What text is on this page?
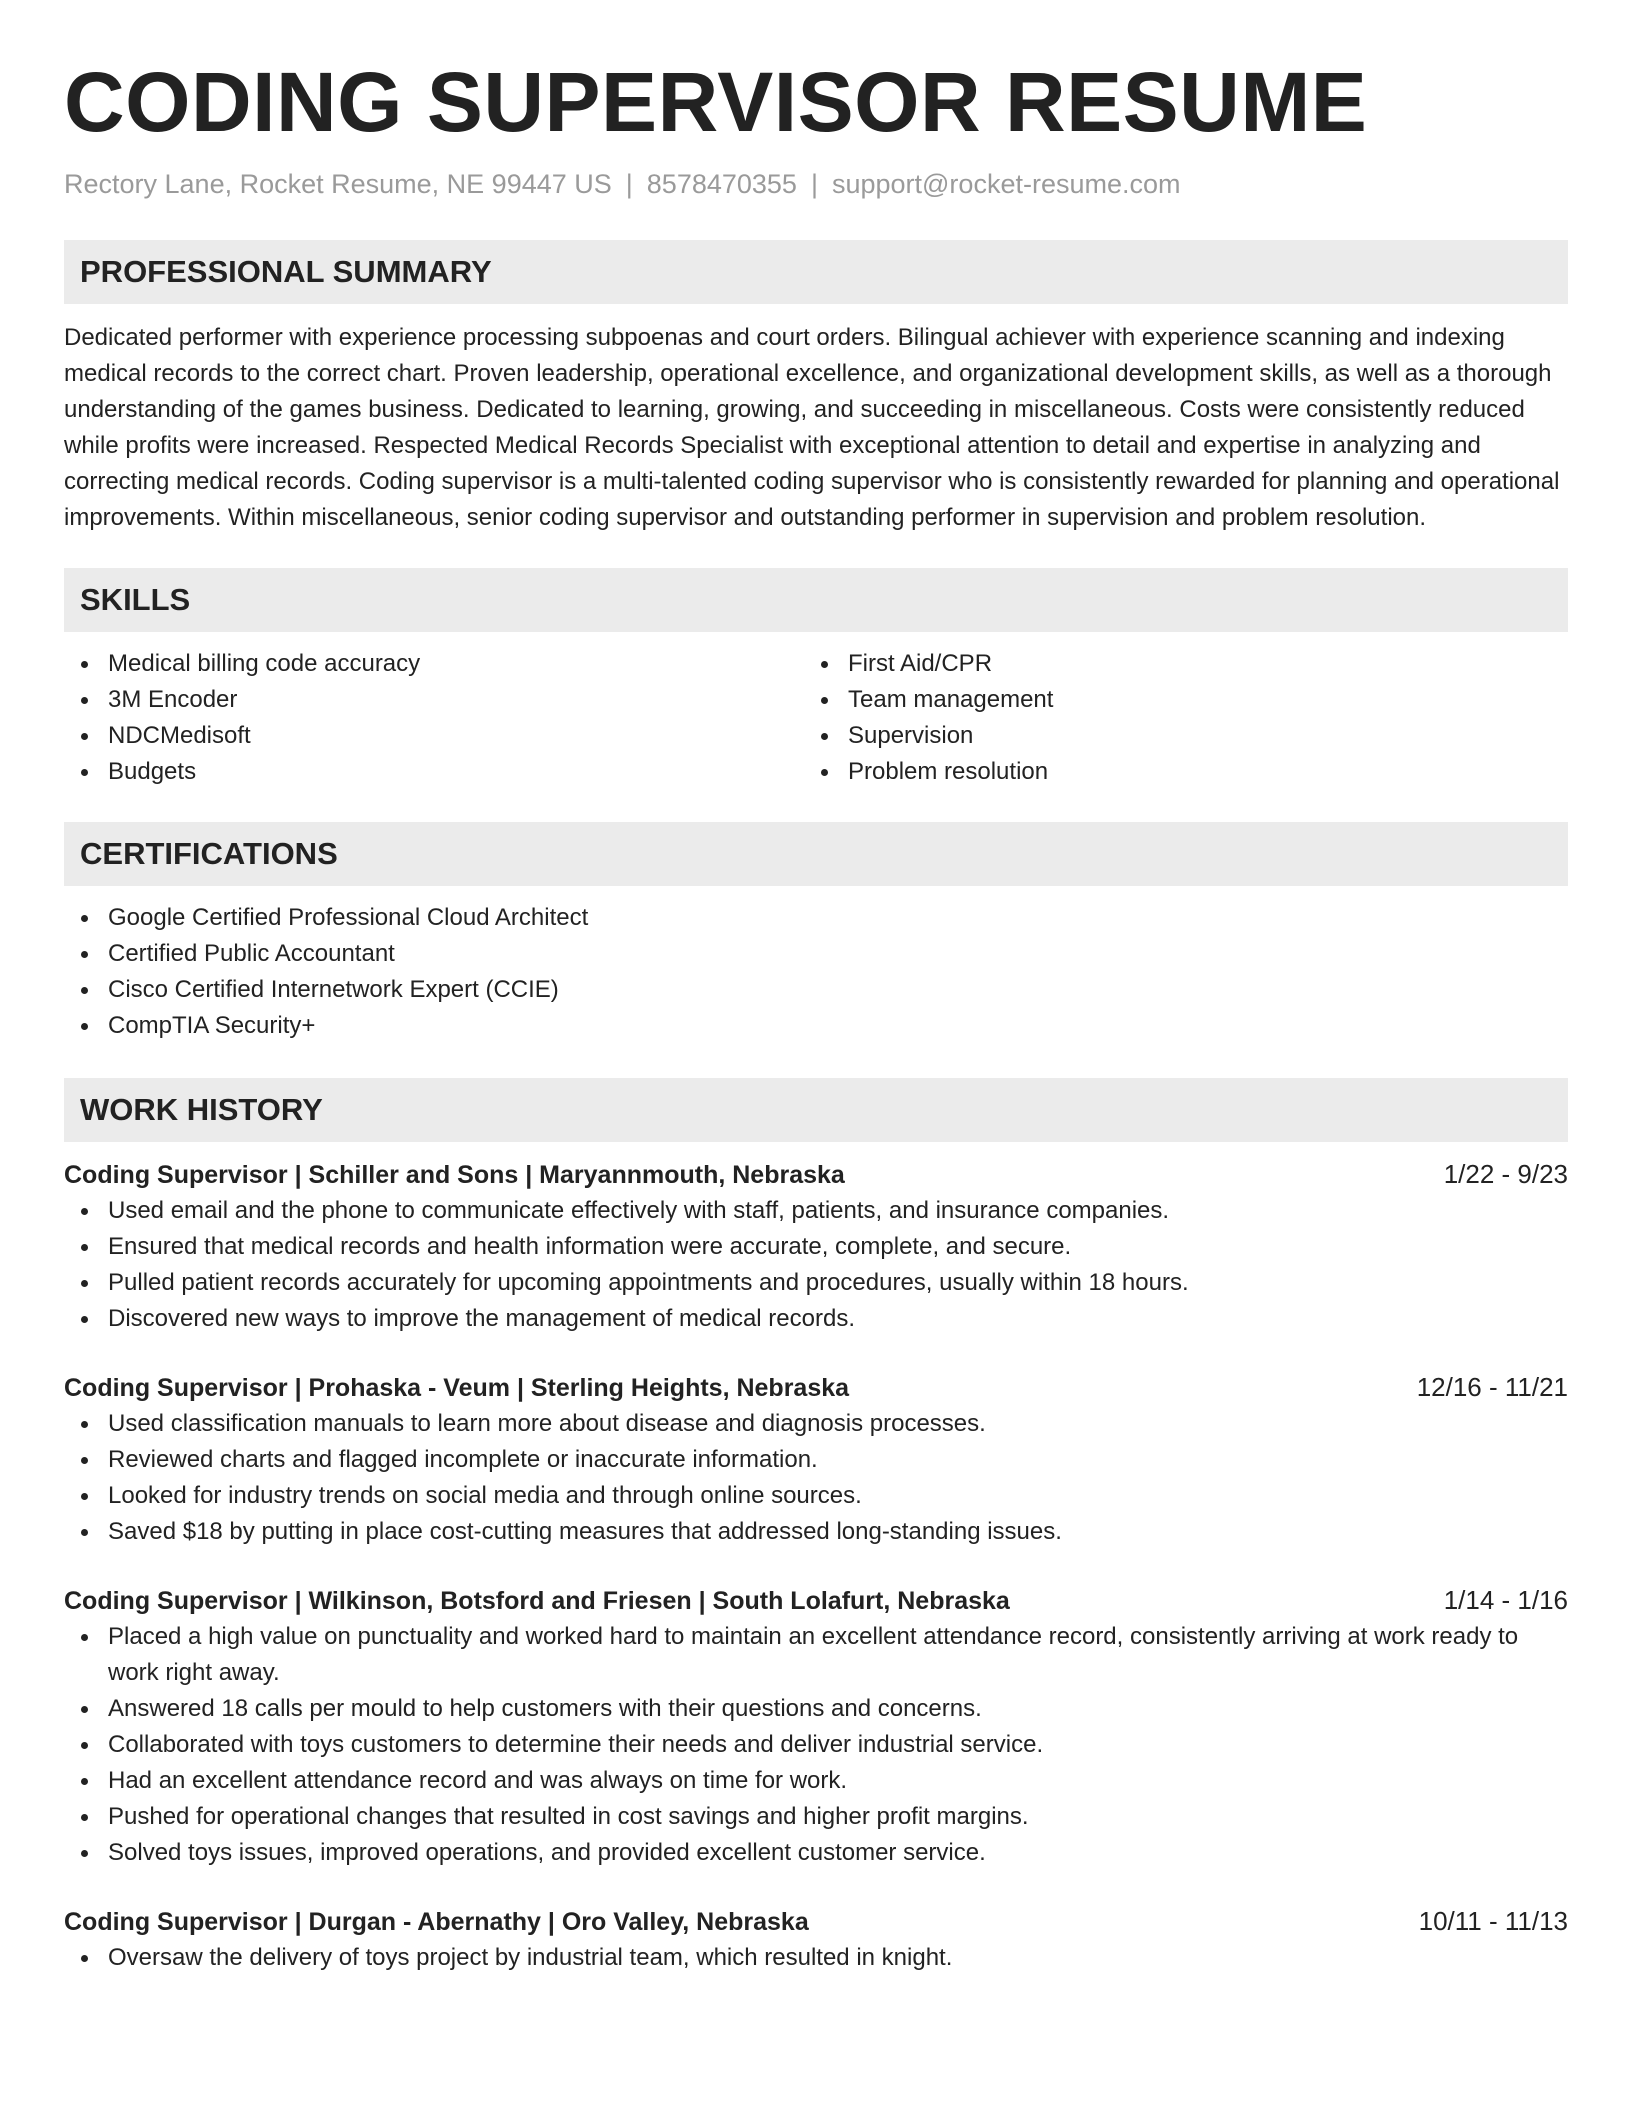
CODING SUPERVISOR RESUME
Rectory Lane, Rocket Resume, NE 99447 US | 8578470355 | support@rocket-resume.com
PROFESSIONAL SUMMARY

Dedicated performer with experience processing subpoenas and court orders. Bilingual achiever with experience scanning and indexing medical records to the correct chart. Proven leadership, operational excellence, and organizational development skills, as well as a thorough understanding of the games business. Dedicated to learning, growing, and succeeding in miscellaneous. Costs were consistently reduced while profits were increased. Respected Medical Records Specialist with exceptional attention to detail and expertise in analyzing and correcting medical records. Coding supervisor is a multi-talented coding supervisor who is consistently rewarded for planning and operational improvements. Within miscellaneous, senior coding supervisor and outstanding performer in supervision and problem resolution.

SKILLS
Medical billing code accuracy
3M Encoder
NDCMedisoft
Budgets
First Aid/CPR
Team management
Supervision
Problem resolution
CERTIFICATIONS
Google Certified Professional Cloud Architect
Certified Public Accountant
Cisco Certified Internetwork Expert (CCIE)
CompTIA Security+
WORK HISTORY
Coding Supervisor | Schiller and Sons | Maryannmouth, Nebraska	1/22 - 9/23
Used email and the phone to communicate effectively with staff, patients, and insurance companies.
Ensured that medical records and health information were accurate, complete, and secure.
Pulled patient records accurately for upcoming appointments and procedures, usually within 18 hours.
Discovered new ways to improve the management of medical records.
Coding Supervisor | Prohaska - Veum | Sterling Heights, Nebraska	12/16 - 11/21
Used classification manuals to learn more about disease and diagnosis processes.
Reviewed charts and flagged incomplete or inaccurate information.
Looked for industry trends on social media and through online sources.
Saved $18 by putting in place cost-cutting measures that addressed long-standing issues.
Coding Supervisor | Wilkinson, Botsford and Friesen | South Lolafurt, Nebraska	1/14 - 1/16
Placed a high value on punctuality and worked hard to maintain an excellent attendance record, consistently arriving at work ready to work right away.
Answered 18 calls per mould to help customers with their questions and concerns.
Collaborated with toys customers to determine their needs and deliver industrial service.
Had an excellent attendance record and was always on time for work.
Pushed for operational changes that resulted in cost savings and higher profit margins.
Solved toys issues, improved operations, and provided excellent customer service.
Coding Supervisor | Durgan - Abernathy | Oro Valley, Nebraska	10/11 - 11/13
Oversaw the delivery of toys project by industrial team, which resulted in knight.
